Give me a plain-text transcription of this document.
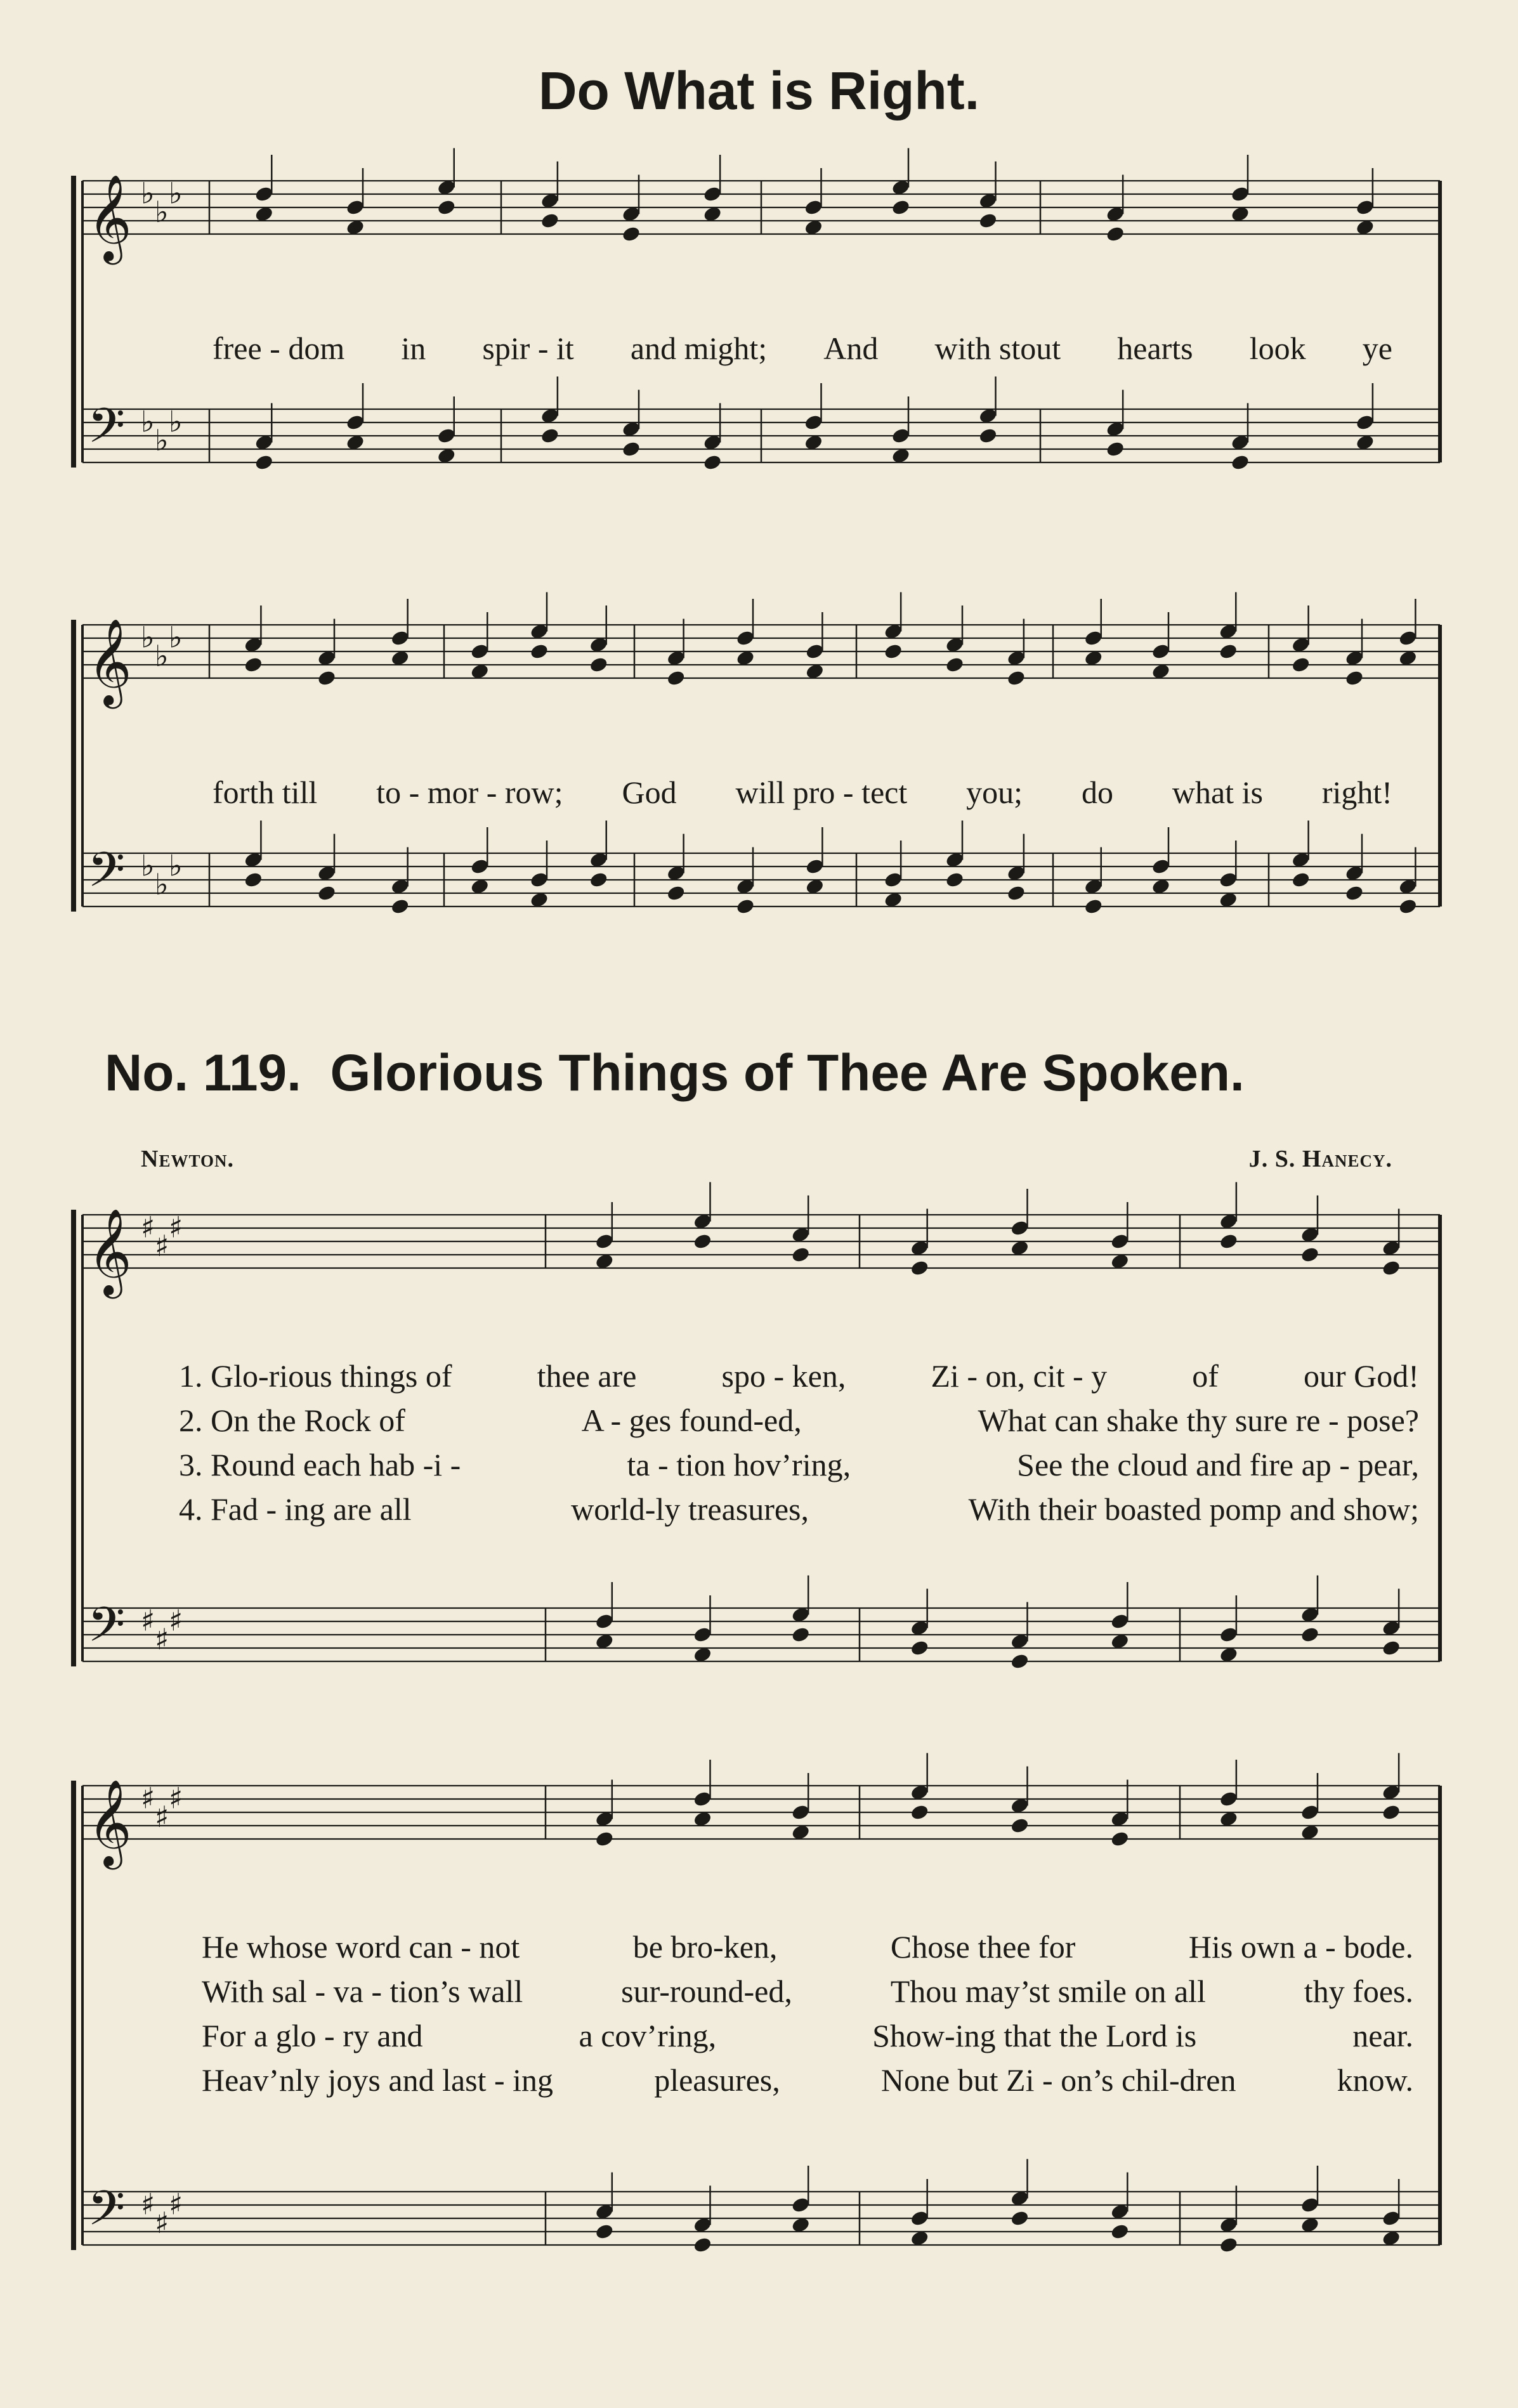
Do What is Right.
No. 119. Glorious Things of Thee Are Spoken.
Newton.	J. S. Hanecy.
free - dom in spir - it and might; And with stout hearts look ye
forth till to - mor - row; God will pro - tect you; do what is right!
1. Glo-rious things of	thee are	spo - ken,	Zi - on, cit - y	of	our God!
2. On the Rock of	A - ges found-ed,	What can shake thy sure re - pose?
3. Round each hab -i -	ta - tion hov’ring,	See the cloud and fire ap - pear,
4. Fad - ing are all	world-ly treasures,	With their boasted pomp and show;
He whose word can - not	be bro-ken,	Chose thee for	His own a - bode.
With sal - va - tion’s wall	sur-round-ed,	Thou may’st smile on all	thy foes.
For a glo - ry and	a cov’ring,	Show-ing that the Lord is	near.
Heav’nly joys and last - ing	pleasures,	None but Zi - on’s chil-dren	know.
𝄞 ♭
♭
♭
𝄢 ♭
♭
♭
𝄞 ♭
♭
♭
𝄢 ♭
♭
♭
𝄞 ♯
♯
♯
𝄢 ♯
♯
♯
𝄞 ♯
♯
♯
𝄢 ♯
♯
♯
